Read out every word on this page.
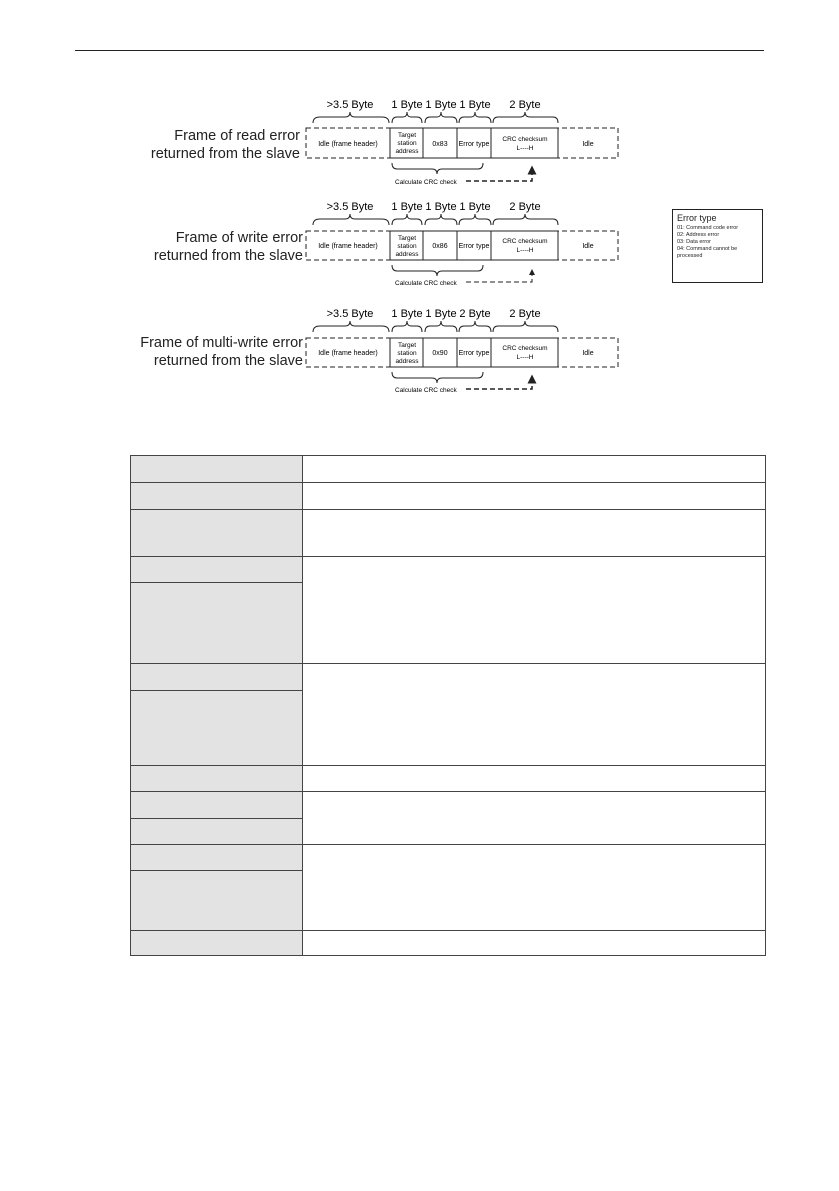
Frame of read error
returned from the slave
Frame of write error
returned from the slave
Frame of multi-write error
returned from the slave
>3.5 Byte 1 Byte 1 Byte 1 Byte 2 Byte
Idle (frame header)
Target
station
address
0x83 Error type
CRC checksum
L----H
Idle
Calculate CRC check
>3.5 Byte 1 Byte 1 Byte 1 Byte 2 Byte
Idle (frame header)
Target
station
address
0x86 Error type
CRC checksum
L----H
Idle
Calculate CRC check
>3.5 Byte 1 Byte 1 Byte 2 Byte 2 Byte
Idle (frame header)
Target
station
address
0x90 Error type
CRC checksum
L----H
Idle
Calculate CRC check
Error type
01: Command code error
02: Address error
03: Data error
04: Command cannot be
processed
